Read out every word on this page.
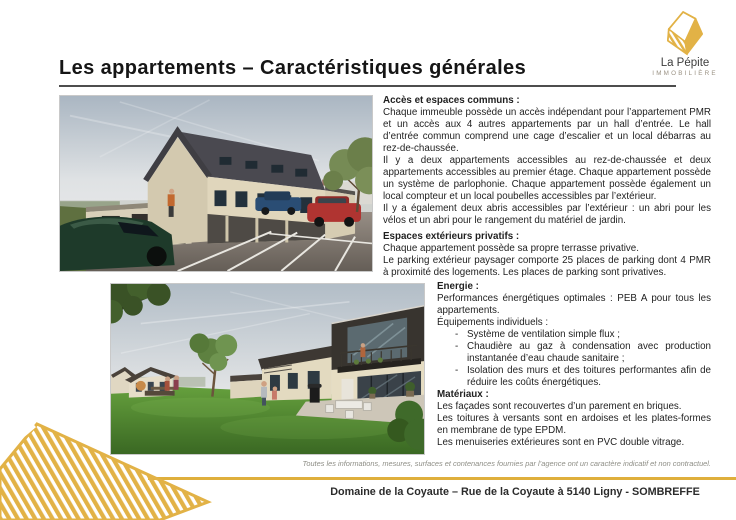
La Pépite
IMMOBILIÈRE
Les appartements – Caractéristiques générales
Accès et espaces communs :

Chaque immeuble possède un accès indépendant pour l’appartement PMR et un accès aux 4 autres appartements par un hall d’entrée. Le hall d’entrée commun comprend une cage d’escalier et un local débarras au rez-de-chaussée.

Il y a deux appartements accessibles au rez-de-chaussée et deux appartements accessibles au premier étage. Chaque appartement possède un système de parlophonie. Chaque appartement possède également un local compteur et un local poubelles accessibles par l’extérieur.

Il y a également deux abris accessibles par l’extérieur : un abri pour les vélos et un abri pour le rangement du matériel de jardin.

Espaces extérieurs privatifs :

Chaque appartement possède sa propre terrasse privative.

Le parking extérieur paysager comporte 25 places de parking dont 4 PMR à proximité des logements. Les places de parking sont privatives.

Energie :

Performances énergétiques optimales : PEB A pour tous les appartements.

Équipements individuels :

- Système de ventilation simple flux ;
- Chaudière au gaz à condensation avec production instantanée d’eau chaude sanitaire ;
- Isolation des murs et des toitures performantes afin de réduire les coûts énergétiques.
Matériaux :

Les façades sont recouvertes d’un parement en briques.

Les toitures à versants sont en ardoises et les plates-formes en membrane de type EPDM.

Les menuiseries extérieures sont en PVC double vitrage.

Toutes les informations, mesures, surfaces et contenances fournies par l’agence ont un caractère indicatif et non contractuel.
Domaine de la Coyaute – Rue de la Coyaute à 5140 Ligny - SOMBREFFE
